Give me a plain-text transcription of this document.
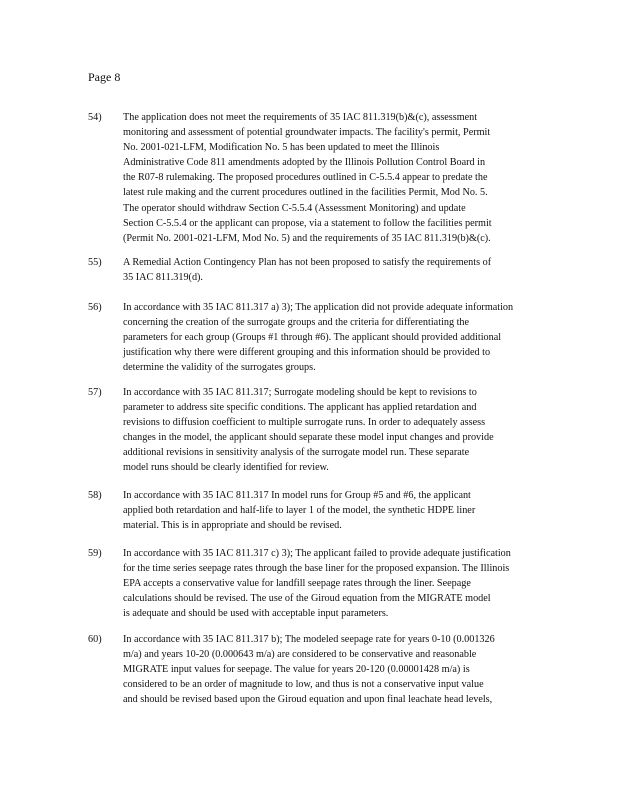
Page 8
54)	The application does not meet the requirements of 35 IAC 811.319(b)&(c), assessment
monitoring and assessment of potential groundwater impacts. The facility's permit, Permit
No. 2001-021-LFM, Modification No. 5 has been updated to meet the Illinois
Administrative Code 811 amendments adopted by the Illinois Pollution Control Board in
the R07-8 rulemaking. The proposed procedures outlined in C-5.5.4 appear to predate the
latest rule making and the current procedures outlined in the facilities Permit, Mod No. 5.
The operator should withdraw Section C-5.5.4 (Assessment Monitoring) and update
Section C-5.5.4 or the applicant can propose, via a statement to follow the facilities permit
(Permit No. 2001-021-LFM, Mod No. 5) and the requirements of 35 IAC 811.319(b)&(c).
55)	A Remedial Action Contingency Plan has not been proposed to satisfy the requirements of
35 IAC 811.319(d).
56)	In accordance with 35 IAC 811.317 a) 3); The application did not provide adequate information
concerning the creation of the surrogate groups and the criteria for differentiating the
parameters for each group (Groups #1 through #6). The applicant should provided additional
justification why there were different grouping and this information should be provided to
determine the validity of the surrogates groups.
57)	In accordance with 35 IAC 811.317; Surrogate modeling should be kept to revisions to
parameter to address site specific conditions. The applicant has applied retardation and
revisions to diffusion coefficient to multiple surrogate runs. In order to adequately assess
changes in the model, the applicant should separate these model input changes and provide
additional revisions in sensitivity analysis of the surrogate model run. These separate
model runs should be clearly identified for review.
58)	In accordance with 35 IAC 811.317 In model runs for Group #5 and #6, the applicant
applied both retardation and half-life to layer 1 of the model, the synthetic HDPE liner
material. This is in appropriate and should be revised.
59)	In accordance with 35 IAC 811.317 c) 3); The applicant failed to provide adequate justification
for the time series seepage rates through the base liner for the proposed expansion. The Illinois
EPA accepts a conservative value for landfill seepage rates through the liner. Seepage
calculations should be revised. The use of the Giroud equation from the MIGRATE model
is adequate and should be used with acceptable input parameters.
60)	In accordance with 35 IAC 811.317 b); The modeled seepage rate for years 0-10 (0.001326
m/a) and years 10-20 (0.000643 m/a) are considered to be conservative and reasonable
MIGRATE input values for seepage. The value for years 20-120 (0.00001428 m/a) is
considered to be an order of magnitude to low, and thus is not a conservative input value
and should be revised based upon the Giroud equation and upon final leachate head levels,
